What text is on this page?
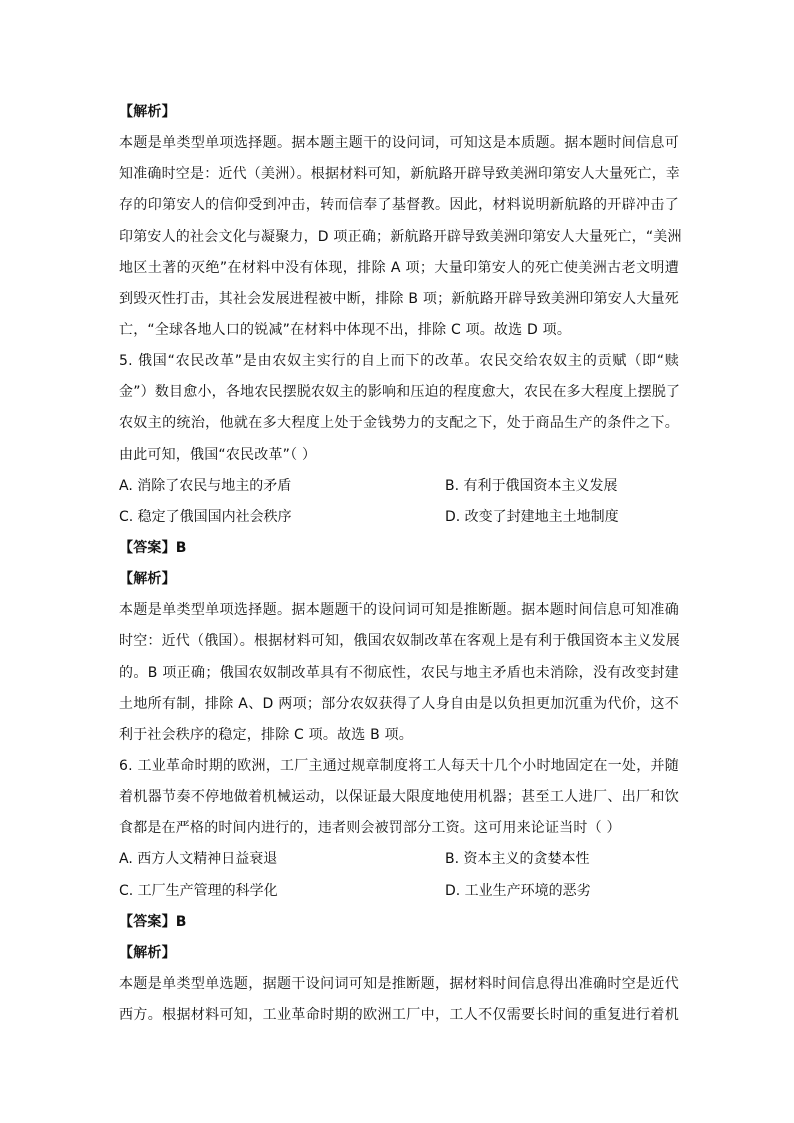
【解析】
本题是单类型单项选择题。据本题主题干的设问词，可知这是本质题。据本题时间信息可
知准确时空是：近代（美洲）。根据材料可知，新航路开辟导致美洲印第安人大量死亡，幸
存的印第安人的信仰受到冲击，转而信奉了基督教。因此，材料说明新航路的开辟冲击了
印第安人的社会文化与凝聚力，D 项正确；新航路开辟导致美洲印第安人大量死亡，“美洲
地区土著的灭绝”在材料中没有体现，排除 A 项；大量印第安人的死亡使美洲古老文明遭
到毁灭性打击，其社会发展进程被中断，排除 B 项；新航路开辟导致美洲印第安人大量死
亡，“全球各地人口的锐减”在材料中体现不出，排除 C 项。故选 D 项。
5. 俄国“农民改革”是由农奴主实行的自上而下的改革。农民交给农奴主的贡赋（即“赎
金”）数目愈小，各地农民摆脱农奴主的影响和压迫的程度愈大，农民在多大程度上摆脱了
农奴主的统治，他就在多大程度上处于金钱势力的支配之下，处于商品生产的条件之下。
由此可知，俄国“农民改革”（ ）
A. 消除了农民与地主的矛盾	B. 有利于俄国资本主义发展
C. 稳定了俄国国内社会秩序	D. 改变了封建地主土地制度
【答案】B
【解析】
本题是单类型单项选择题。据本题题干的设问词可知是推断题。据本题时间信息可知准确
时空：近代（俄国）。根据材料可知，俄国农奴制改革在客观上是有利于俄国资本主义发展
的。B 项正确；俄国农奴制改革具有不彻底性，农民与地主矛盾也未消除，没有改变封建
土地所有制，排除 A、D 两项；部分农奴获得了人身自由是以负担更加沉重为代价，这不
利于社会秩序的稳定，排除 C 项。故选 B 项。
6. 工业革命时期的欧洲，工厂主通过规章制度将工人每天十几个小时地固定在一处，并随
着机器节奏不停地做着机械运动，以保证最大限度地使用机器；甚至工人进厂、出厂和饮
食都是在严格的时间内进行的，违者则会被罚部分工资。这可用来论证当时（ ）
A. 西方人文精神日益衰退	B. 资本主义的贪婪本性
C. 工厂生产管理的科学化	D. 工业生产环境的恶劣
【答案】B
【解析】
本题是单类型单选题，据题干设问词可知是推断题，据材料时间信息得出准确时空是近代
西方。根据材料可知，工业革命时期的欧洲工厂中，工人不仅需要长时间的重复进行着机
